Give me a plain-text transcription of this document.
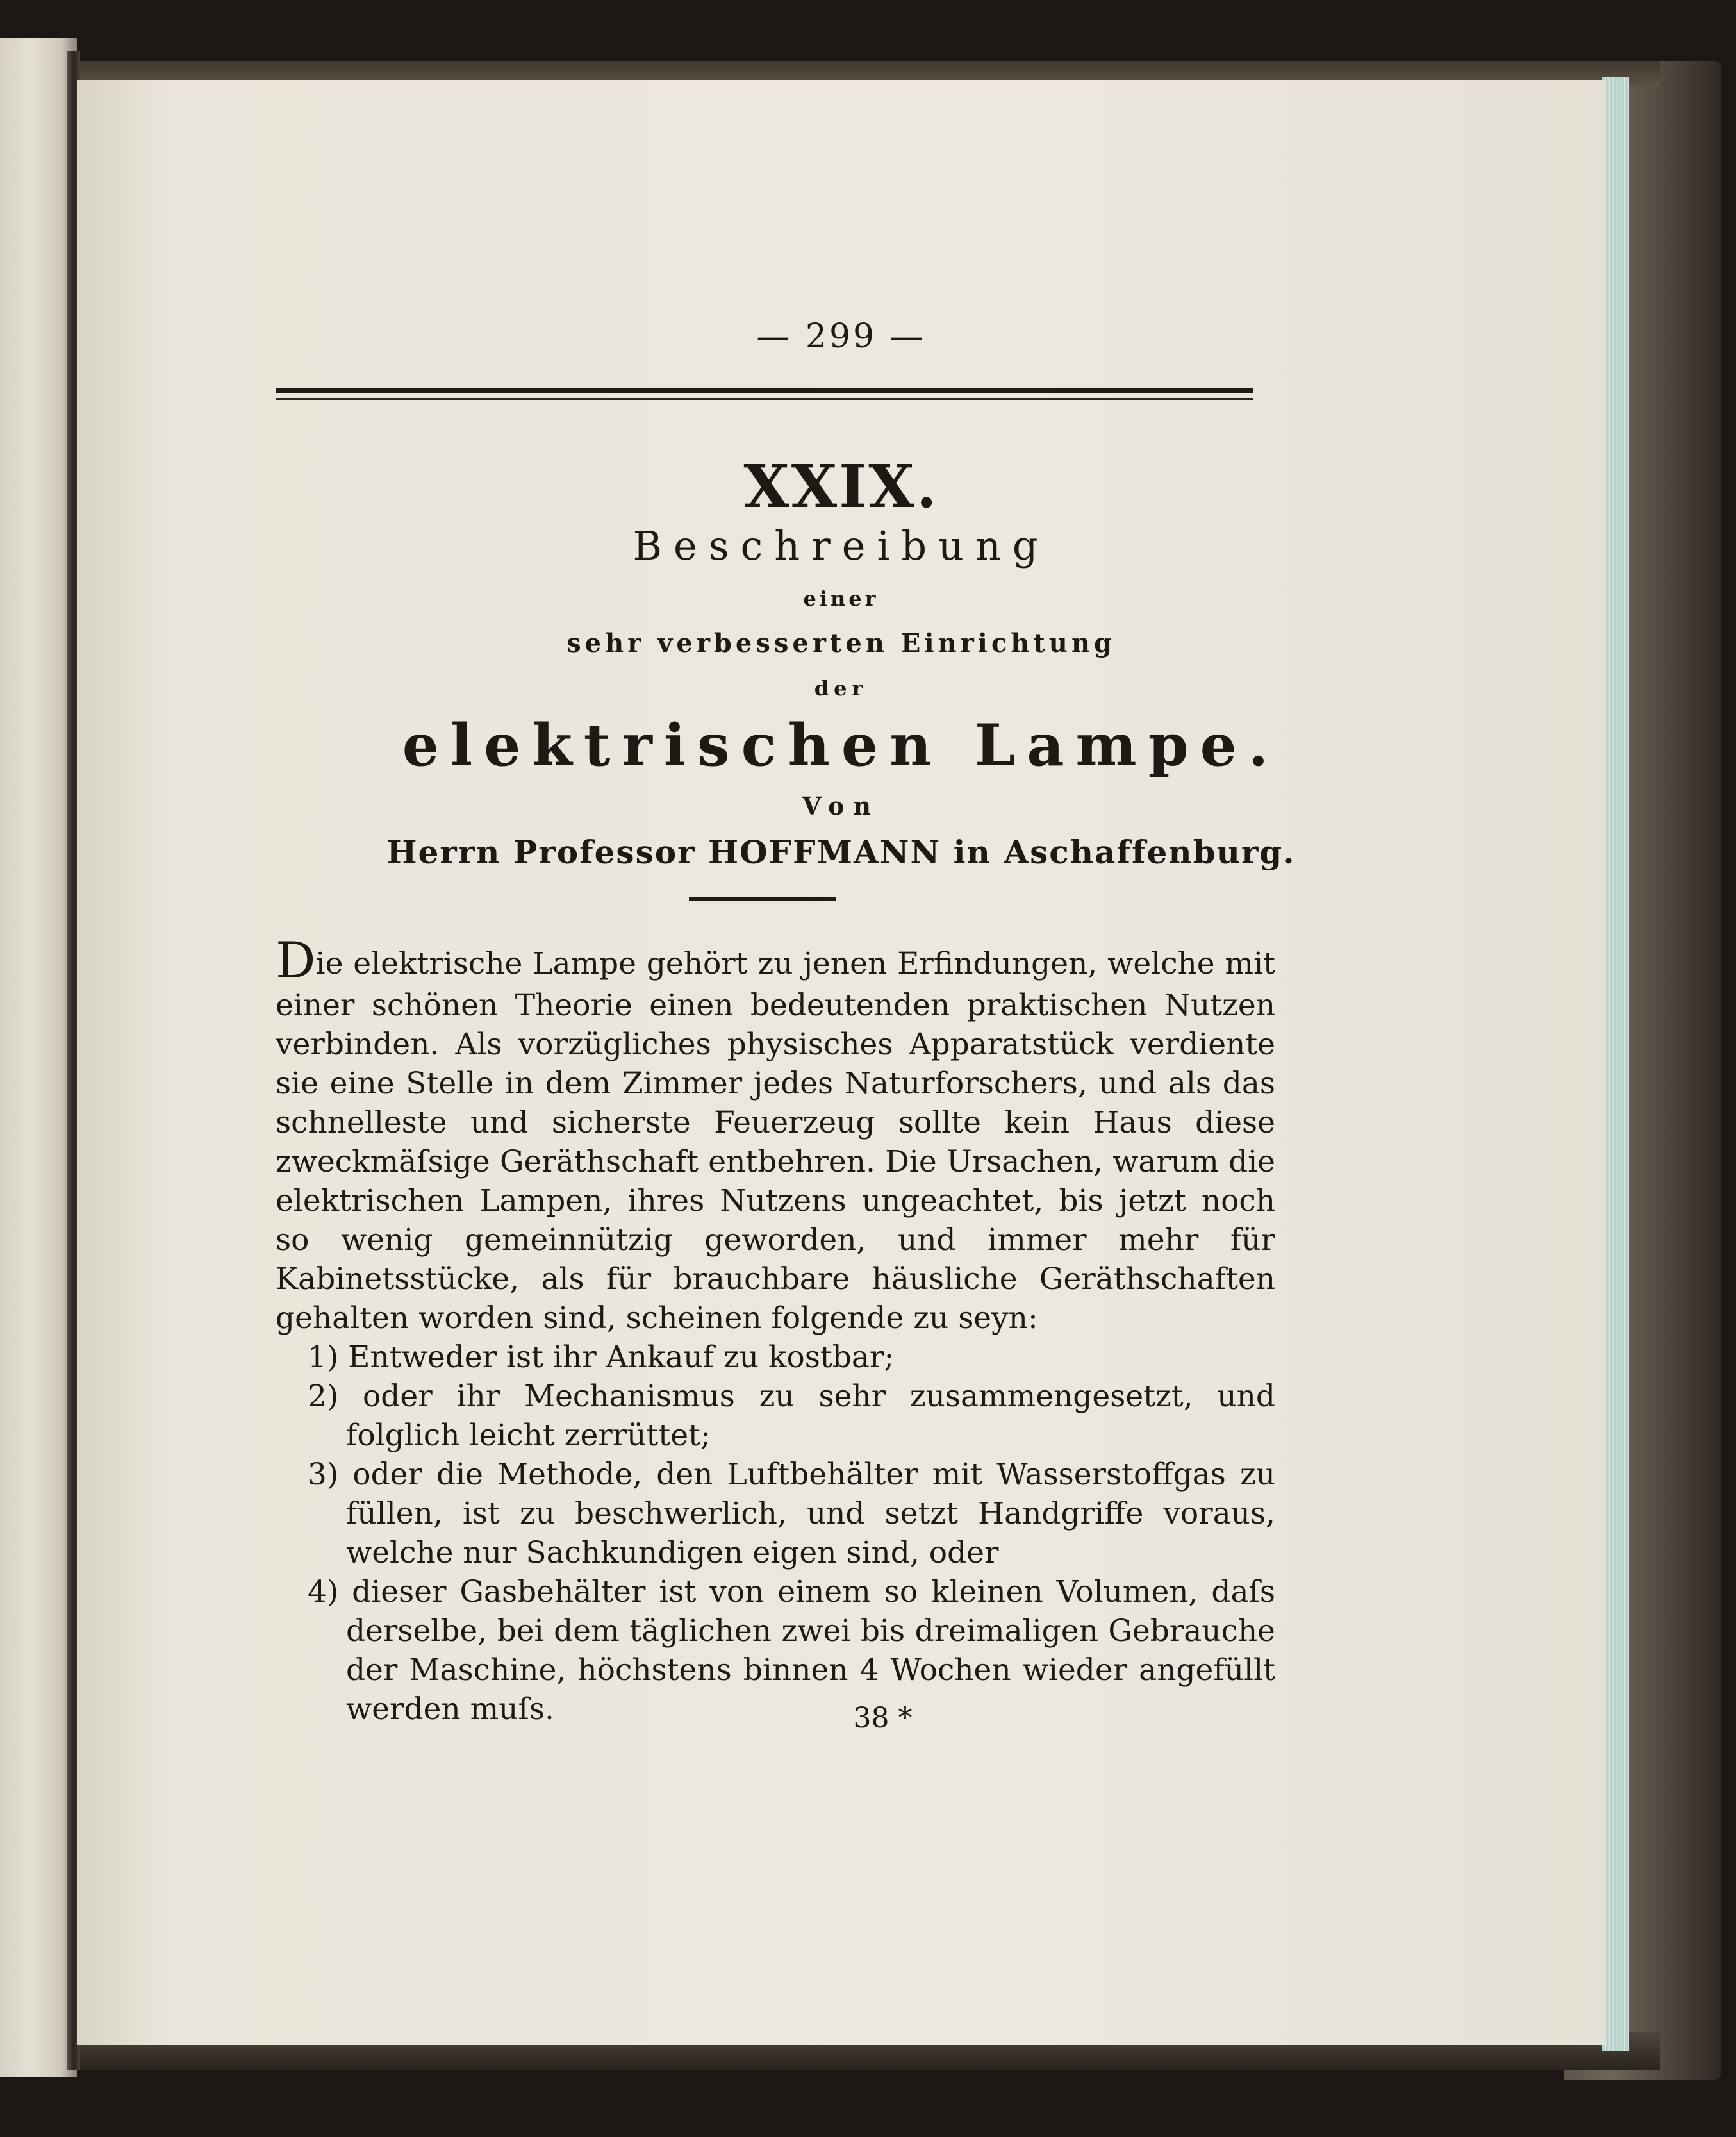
— 299 —
XXIX.
Beschreibung
einer
sehr verbesserten Einrichtung
der
elektrischen Lampe.
Von
Herrn Professor HOFFMANN in Aschaffenburg.

Die elektrische Lampe gehört zu jenen Erfindungen, welche mit einer schönen Theorie einen bedeutenden praktischen Nutzen verbinden. Als vorzügliches physisches Apparatstück verdiente sie eine Stelle in dem Zimmer jedes Naturforschers, und als das schnelleste und sicherste Feuerzeug sollte kein Haus diese zweckmäſsige Geräthschaft entbehren. Die Ursachen, warum die elektrischen Lampen, ihres Nutzens ungeachtet, bis jetzt noch so wenig gemeinnützig geworden, und immer mehr für Kabinetsstücke, als für brauchbare häusliche Geräthschaften gehalten worden sind, scheinen folgende zu seyn:

1) Entweder ist ihr Ankauf zu kostbar;

2) oder ihr Mechanismus zu sehr zusammengesetzt, und folglich leicht zerrüttet;

3) oder die Methode, den Luftbehälter mit Wasserstoffgas zu füllen, ist zu beschwerlich, und setzt Handgriffe voraus, welche nur Sachkundigen eigen sind, oder

4) dieser Gasbehälter ist von einem so kleinen Volumen, daſs derselbe, bei dem täglichen zwei bis dreimaligen Gebrauche der Maschine, höchstens binnen 4 Wochen wieder angefüllt werden muſs.	38 *
